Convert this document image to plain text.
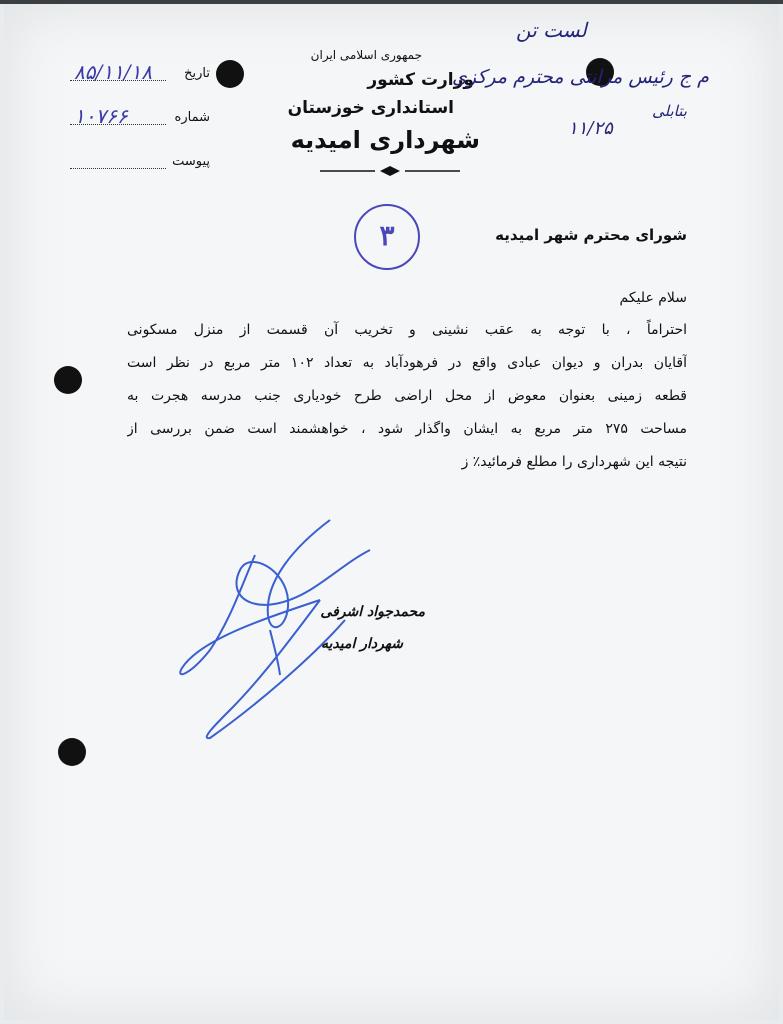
جمهوری اسلامی ایران
وزارت کشور
استانداری خوزستان
شهرداری امیدیه
تاریخ
۸۵/۱۱/۱۸
شماره
۱۰۷۶۶
پیوست
لست تن
م ج رئیس مرانتی محترم مرکزی
۱۱/۲۵
بتابلی
۳	شورای محترم شهر امیدیه
سلام علیکم
احتراماً ، با توجه به عقب نشینی و تخریب آن قسمت از منزل مسکونی
آقایان بدران و دیوان عبادی واقع در فرهودآباد به تعداد ۱۰۲ متر مربع در نظر است
قطعه زمینی بعنوان معوض از محل اراضی طرح خودیاری جنب مدرسه هجرت به
مساحت ۲۷۵ متر مربع به ایشان واگذار شود ، خواهشمند است ضمن بررسی از
نتیجه این شهرداری را مطلع فرمائید٪ ز
محمدجواد اشرفی
شهردار امیدیه
